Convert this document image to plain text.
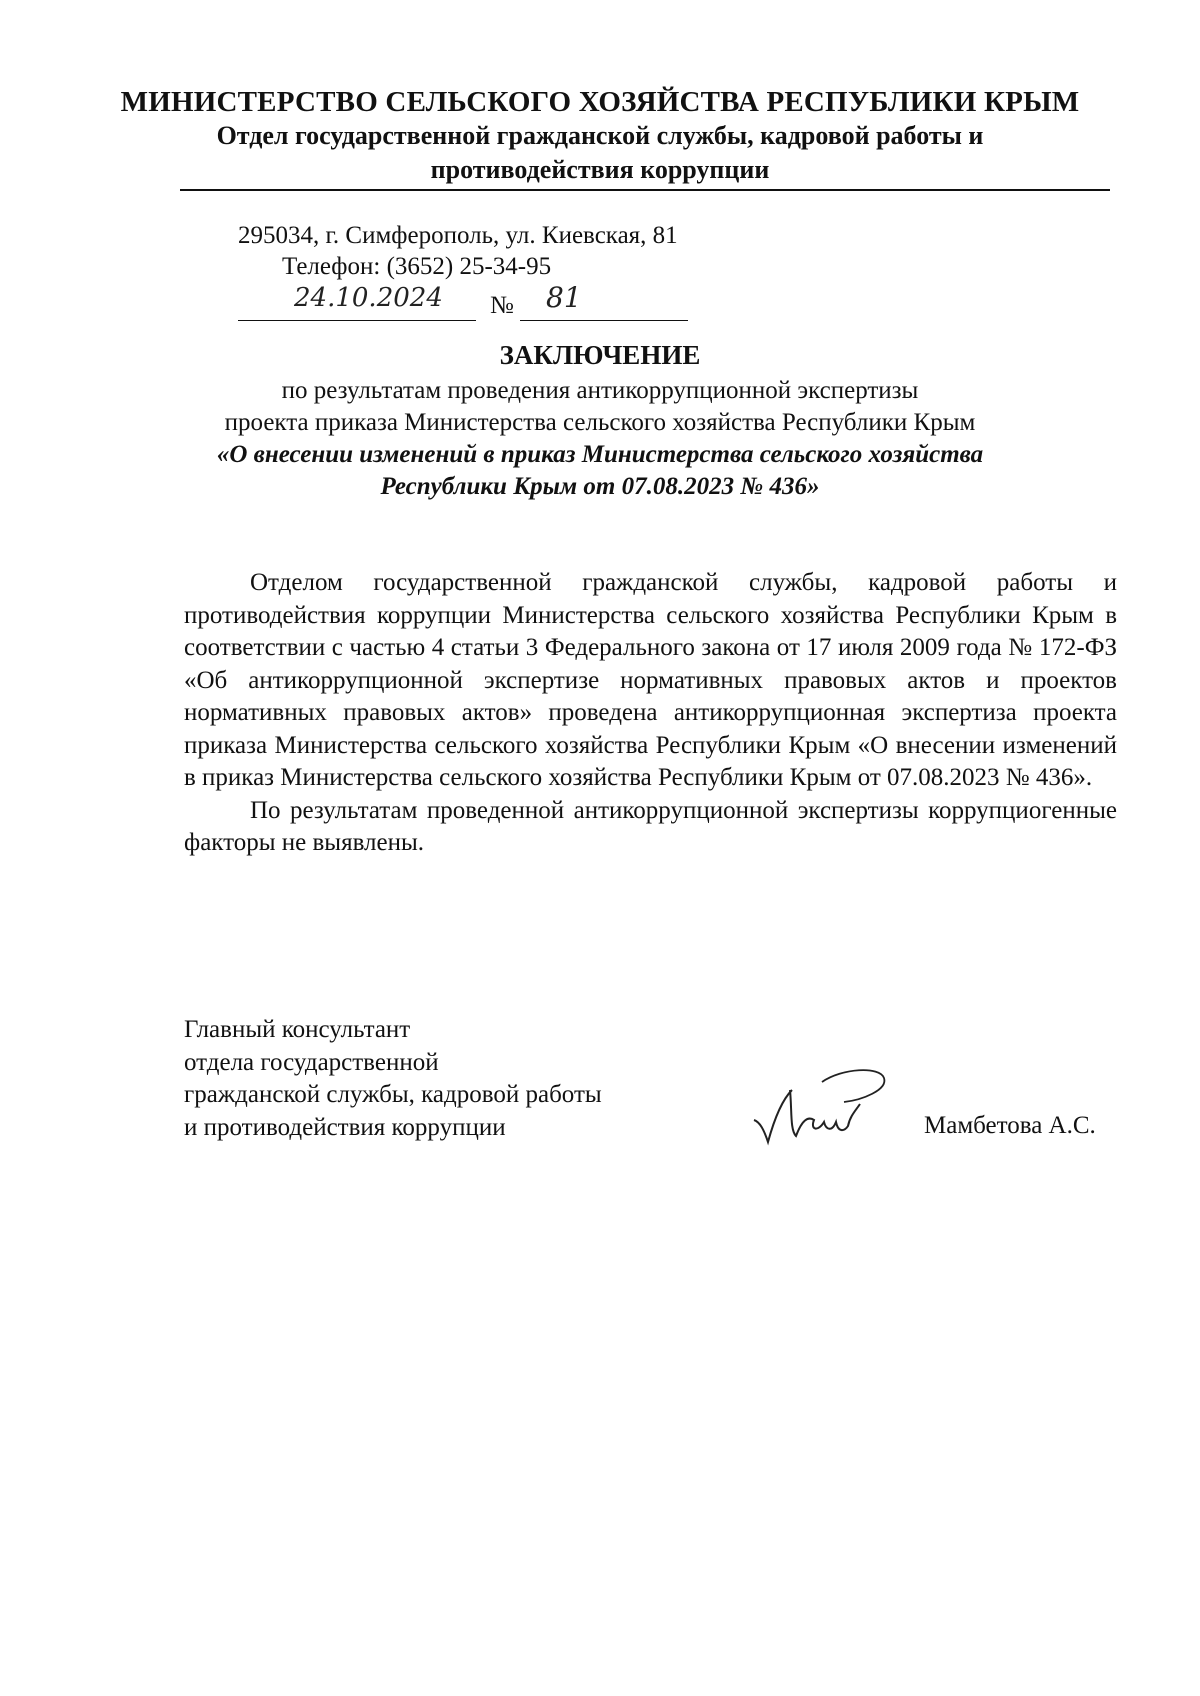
МИНИСТЕРСТВО СЕЛЬСКОГО ХОЗЯЙСТВА РЕСПУБЛИКИ КРЫМ
Отдел государственной гражданской службы, кадровой работы и
противодействия коррупции
295034, г. Симферополь, ул. Киевская, 81
Телефон: (3652) 25-34-95
24.10.2024 № 81
ЗАКЛЮЧЕНИЕ
по результатам проведения антикоррупционной экспертизы
проекта приказа Министерства сельского хозяйства Республики Крым
«О внесении изменений в приказ Министерства сельского хозяйства
Республики Крым от 07.08.2023 № 436»

Отделом государственной гражданской службы, кадровой работы и противодействия коррупции Министерства сельского хозяйства Республики Крым в соответствии с частью 4 статьи 3 Федерального закона от 17 июля 2009 года № 172-ФЗ «Об антикоррупционной экспертизе нормативных правовых актов и проектов нормативных правовых актов» проведена антикоррупционная экспертиза проекта приказа Министерства сельского хозяйства Республики Крым «О внесении изменений в приказ Министерства сельского хозяйства Республики Крым от 07.08.2023 № 436».

По результатам проведенной антикоррупционной экспертизы коррупциогенные факторы не выявлены.

Главный консультант
отдела государственной
гражданской службы, кадровой работы
и противодействия коррупции	Мамбетова А.С.
